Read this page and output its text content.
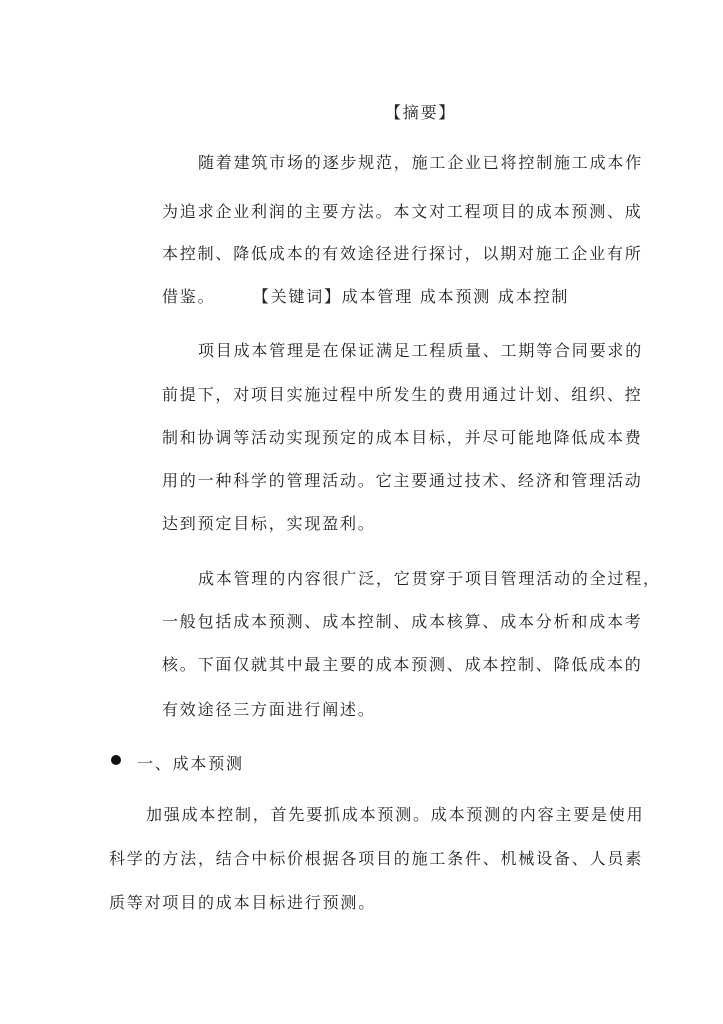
【摘要】
随着建筑市场的逐步规范，施工企业已将控制施工成本作
为追求企业利润的主要方法。本文对工程项目的成本预测、成
本控制、降低成本的有效途径进行探讨，以期对施工企业有所
借鉴。　　　【关键词】成本管理 成本预测 成本控制
项目成本管理是在保证满足工程质量、工期等合同要求的
前提下，对项目实施过程中所发生的费用通过计划、组织、控
制和协调等活动实现预定的成本目标，并尽可能地降低成本费
用的一种科学的管理活动。它主要通过技术、经济和管理活动
达到预定目标，实现盈利。
成本管理的内容很广泛，它贯穿于项目管理活动的全过程，
一般包括成本预测、成本控制、成本核算、成本分析和成本考
核。下面仅就其中最主要的成本预测、成本控制、降低成本的
有效途径三方面进行阐述。
一、成本预测
加强成本控制，首先要抓成本预测。成本预测的内容主要是使用
科学的方法，结合中标价根据各项目的施工条件、机械设备、人员素
质等对项目的成本目标进行预测。
